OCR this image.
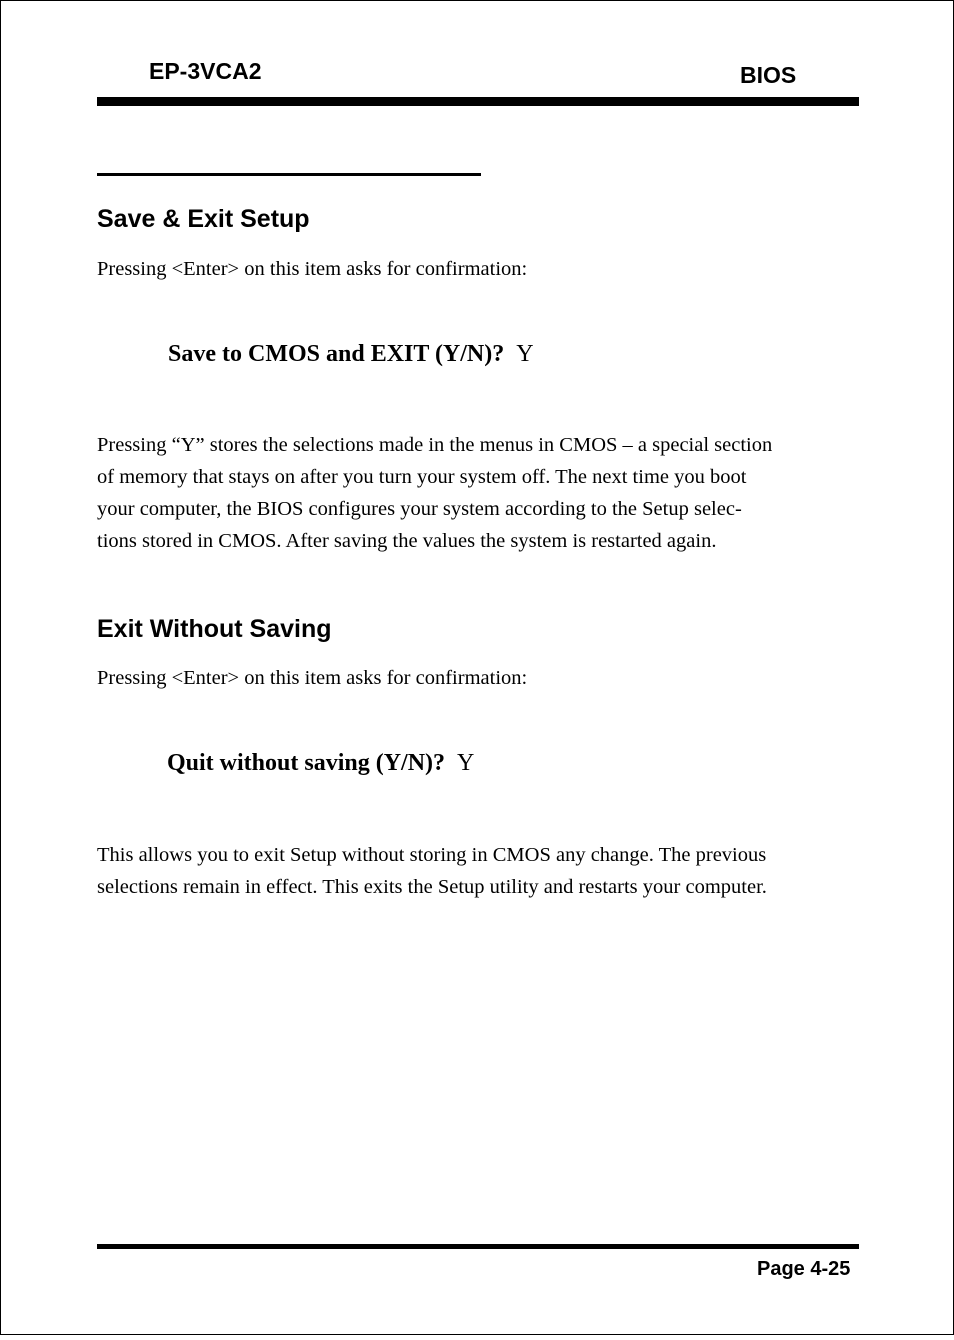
EP-3VCA2	BIOS
Save & Exit Setup
Pressing <Enter> on this item asks for confirmation:
Save to CMOS and EXIT (Y/N)? Y
Pressing “Y” stores the selections made in the menus in CMOS – a special section
of memory that stays on after you turn your system off. The next time you boot
your computer, the BIOS configures your system according to the Setup selec-
tions stored in CMOS. After saving the values the system is restarted again.
Exit Without Saving
Pressing <Enter> on this item asks for confirmation:
Quit without saving (Y/N)? Y
This allows you to exit Setup without storing in CMOS any change. The previous
selections remain in effect. This exits the Setup utility and restarts your computer.
Page 4-25
